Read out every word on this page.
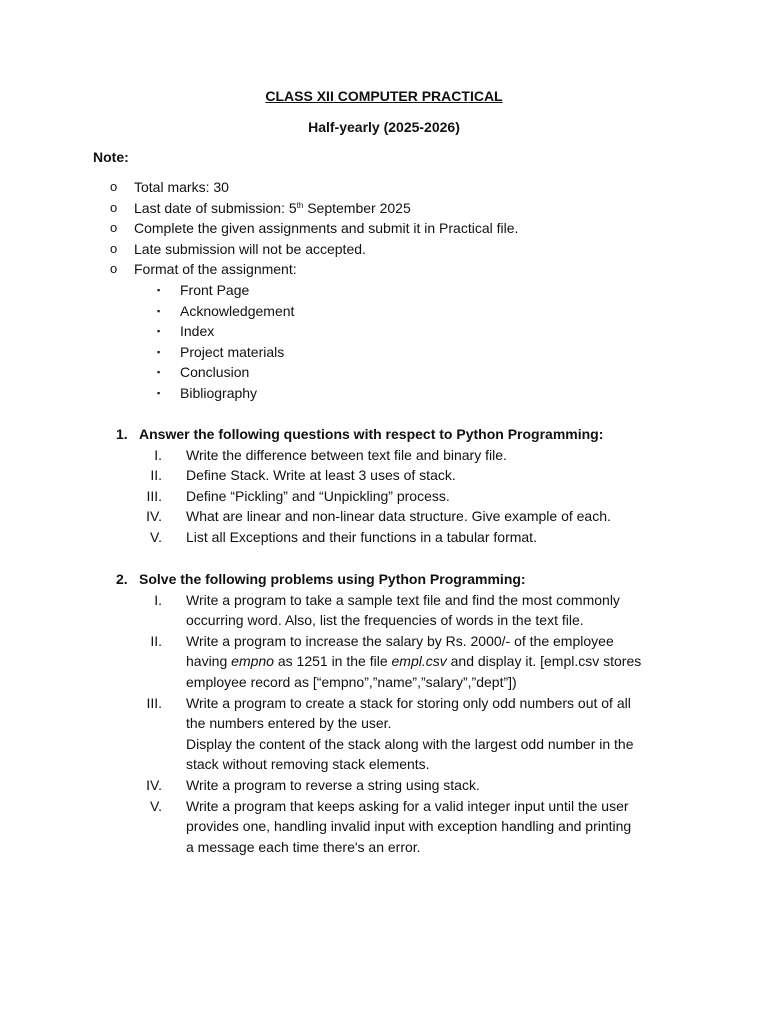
CLASS XII COMPUTER PRACTICAL
Half-yearly (2025-2026)
Note:
o Total marks: 30
o Last date of submission: 5th September 2025
o Complete the given assignments and submit it in Practical file.
o Late submission will not be accepted.
o Format of the assignment:
▪ Front Page
▪ Acknowledgement
▪ Index
▪ Project materials
▪ Conclusion
▪ Bibliography
1. Answer the following questions with respect to Python Programming:
I. Write the difference between text file and binary file.
II. Define Stack. Write at least 3 uses of stack.
III. Define “Pickling” and “Unpickling” process.
IV. What are linear and non-linear data structure. Give example of each.
V. List all Exceptions and their functions in a tabular format.
2. Solve the following problems using Python Programming:
I. Write a program to take a sample text file and find the most commonly
occurring word. Also, list the frequencies of words in the text file.
II. Write a program to increase the salary by Rs. 2000/- of the employee
having empno as 1251 in the file empl.csv and display it. [empl.csv stores
employee record as [“empno”,”name”,”salary”,”dept”])
III. Write a program to create a stack for storing only odd numbers out of all
the numbers entered by the user.
Display the content of the stack along with the largest odd number in the
stack without removing stack elements.
IV. Write a program to reverse a string using stack.
V. Write a program that keeps asking for a valid integer input until the user
provides one, handling invalid input with exception handling and printing
a message each time there's an error.
